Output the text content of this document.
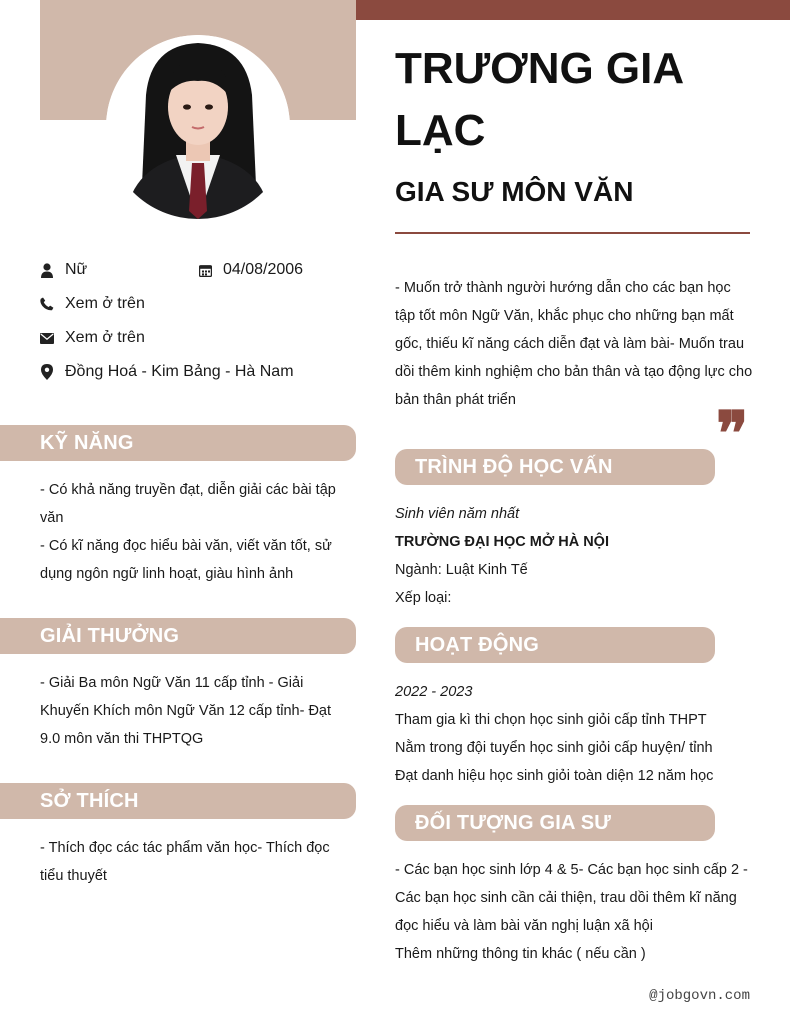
Nữ	04/08/2006
Xem ở trên
Xem ở trên
Đồng Hoá - Kim Bảng - Hà Nam
KỸ NĂNG
- Có khả năng truyền đạt, diễn giải các bài tập văn
- Có kĩ năng đọc hiểu bài văn, viết văn tốt, sử dụng ngôn ngữ linh hoạt, giàu hình ảnh
GIẢI THƯỞNG
- Giải Ba môn Ngữ Văn 11 cấp tỉnh - Giải Khuyến Khích môn Ngữ Văn 12 cấp tỉnh- Đạt 9.0 môn văn thi THPTQG
SỞ THÍCH
- Thích đọc các tác phẩm văn học- Thích đọc tiểu thuyết
TRƯƠNG GIA LẠC
GIA SƯ MÔN VĂN
- Muốn trở thành người hướng dẫn cho các bạn học tập tốt môn Ngữ Văn, khắc phục cho những bạn mất gốc, thiếu kĩ năng cách diễn đạt và làm bài- Muốn trau dồi thêm kinh nghiệm cho bản thân và tạo động lực cho bản thân phát triển	❞
TRÌNH ĐỘ HỌC VẤN
Sinh viên năm nhất
TRƯỜNG ĐẠI HỌC MỞ HÀ NỘI
Ngành: Luật Kinh Tế
Xếp loại:
HOẠT ĐỘNG
2022 - 2023
Tham gia kì thi chọn học sinh giỏi cấp tỉnh THPT
Nằm trong đội tuyển học sinh giỏi cấp huyện/ tỉnh
Đạt danh hiệu học sinh giỏi toàn diện 12 năm học
ĐỐI TƯỢNG GIA SƯ
- Các bạn học sinh lớp 4 & 5- Các bạn học sinh cấp 2 - Các bạn học sinh cần cải thiện, trau dồi thêm kĩ năng đọc hiểu và làm bài văn nghị luận xã hội
Thêm những thông tin khác ( nếu cần )
@jobgovn.com
